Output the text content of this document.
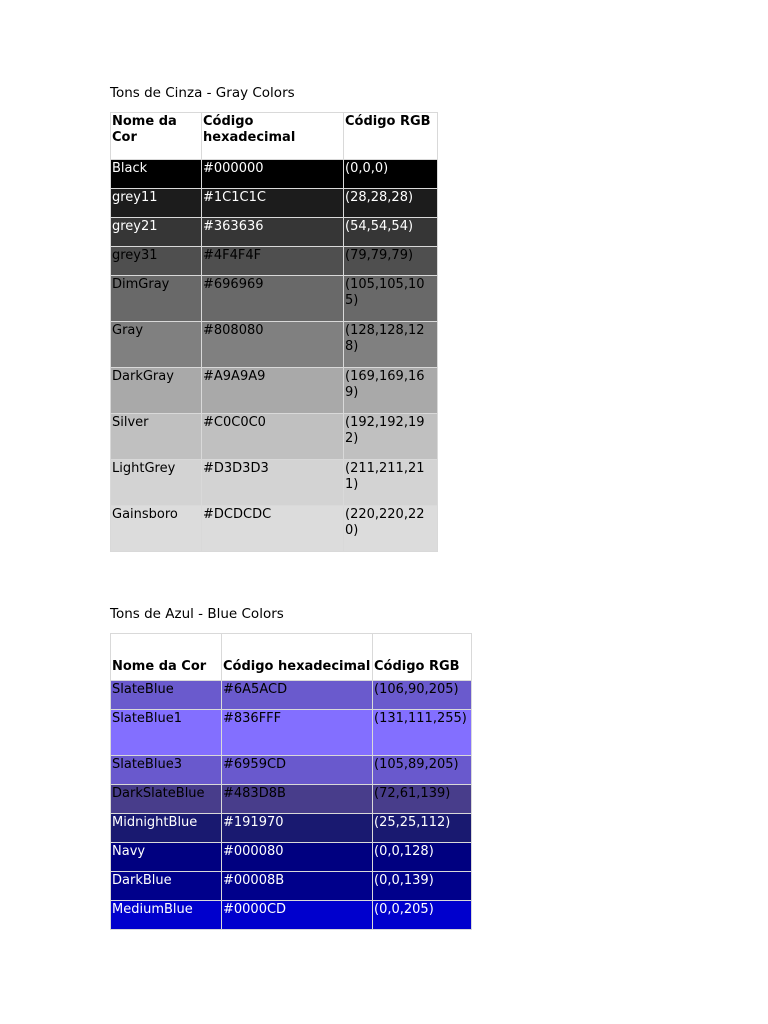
Tons de Cinza - Gray Colors
Nome da Cor	Código hexadecimal	Código RGB
Black	#000000	(0,0,0)
grey11	#1C1C1C	(28,28,28)
grey21	#363636	(54,54,54)
grey31	#4F4F4F	(79,79,79)
DimGray	#696969	(105,105,105)
Gray	#808080	(128,128,128)
DarkGray	#A9A9A9	(169,169,169)
Silver	#C0C0C0	(192,192,192)
LightGrey	#D3D3D3	(211,211,211)
Gainsboro	#DCDCDC	(220,220,220)
Tons de Azul - Blue Colors
Nome da Cor	Código hexadecimal	Código RGB
SlateBlue	#6A5ACD	(106,90,205)
SlateBlue1	#836FFF	(131,111,255)
SlateBlue3	#6959CD	(105,89,205)
DarkSlateBlue	#483D8B	(72,61,139)
MidnightBlue	#191970	(25,25,112)
Navy	#000080	(0,0,128)
DarkBlue	#00008B	(0,0,139)
MediumBlue	#0000CD	(0,0,205)
